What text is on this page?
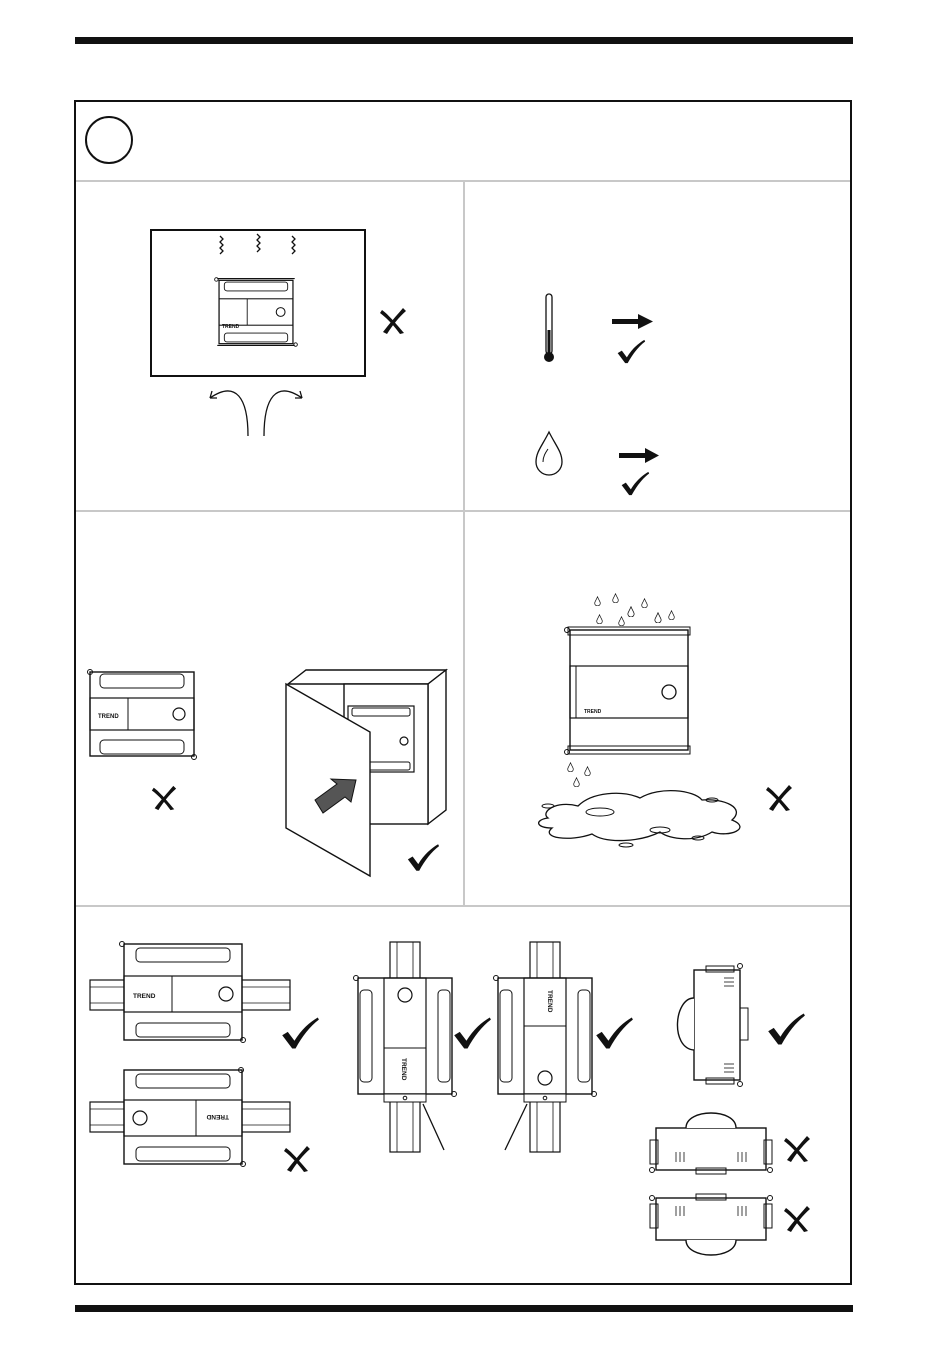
TREND
TREND
TREND
TREND
TREND
TREND
TREND
